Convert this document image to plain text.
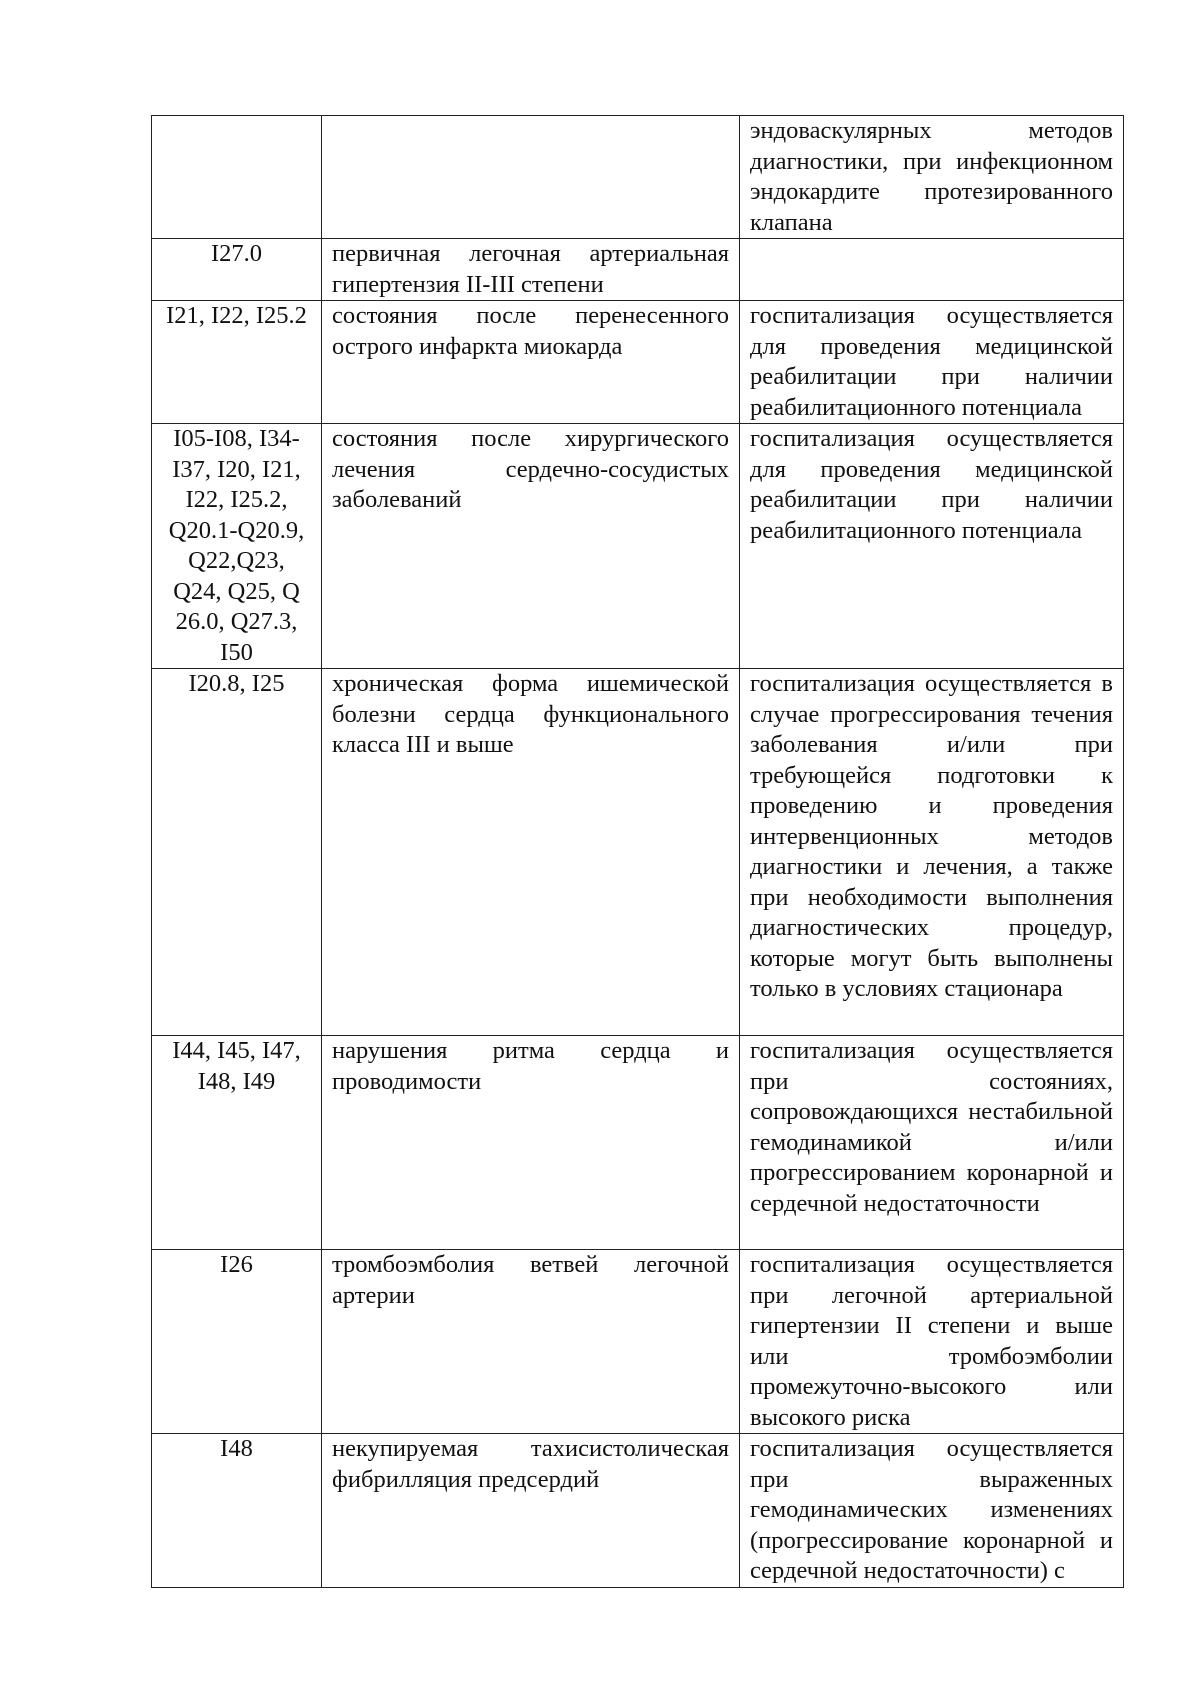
		эндоваскулярных методов диагностики, при инфекционном эндокардите протезированного клапана
I27.0	первичная легочная артериальная гипертензия II-III степени	
I21, I22, I25.2	состояния после перенесенного острого инфаркта миокарда	госпитализация осуществляется для проведения медицинской реабилитации при наличии реабилитационного потенциала
I05-I08, I34-I37, I20, I21, I22, I25.2, Q20.1-Q20.9, Q22,Q23, Q24, Q25, Q 26.0, Q27.3, I50	состояния после хирургического лечения сердечно-сосудистых заболеваний	госпитализация осуществляется для проведения медицинской реабилитации при наличии реабилитационного потенциала
I20.8, I25	хроническая форма ишемической болезни сердца функционального класса III и выше	госпитализация осуществляется в случае прогрессирования течения заболевания и/или при требующейся подготовки к проведению и проведения интервенционных методов диагностики и лечения, а также при необходимости выполнения диагностических процедур, которые могут быть выполнены только в условиях стационара
I44, I45, I47, I48, I49	нарушения ритма сердца и проводимости	госпитализация осуществляется при состояниях, сопровождающихся нестабильной гемодинамикой и/или прогрессированием коронарной и сердечной недостаточности
I26	тромбоэмболия ветвей легочной артерии	госпитализация осуществляется при легочной артериальной гипертензии II степени и выше или тромбоэмболии промежуточно-высокого или высокого риска
I48	некупируемая тахисистолическая фибрилляция предсердий	госпитализация осуществляется при выраженных гемодинамических изменениях (прогрессирование коронарной и сердечной недостаточности) с
